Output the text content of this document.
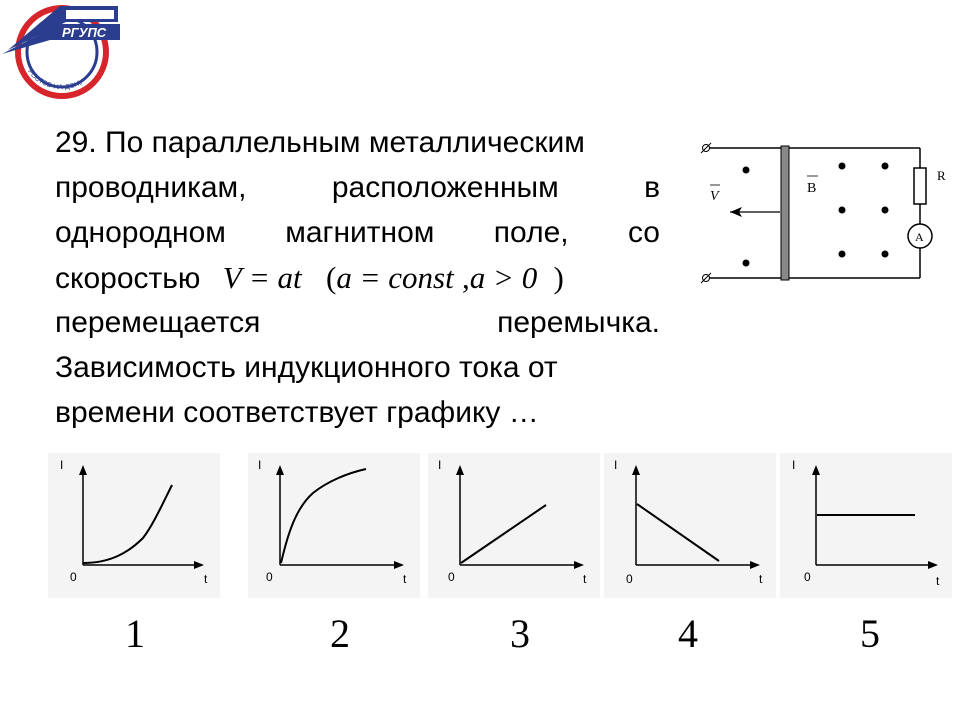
РГУПС
РОСТОВ-НА-ДОНУ
29. По параллельным металлическим
проводникам,	расположенным	в
однородном магнитном поле, со
скоростью V = at (a = const ,a > 0 )
перемещается	перемычка.
Зависимость индукционного тока от
времени соответствует графику …
R
A
V
B
I
t
0
I
t
0
I
t
0
I
t
0
I
t
0
1	2	3	4	5
